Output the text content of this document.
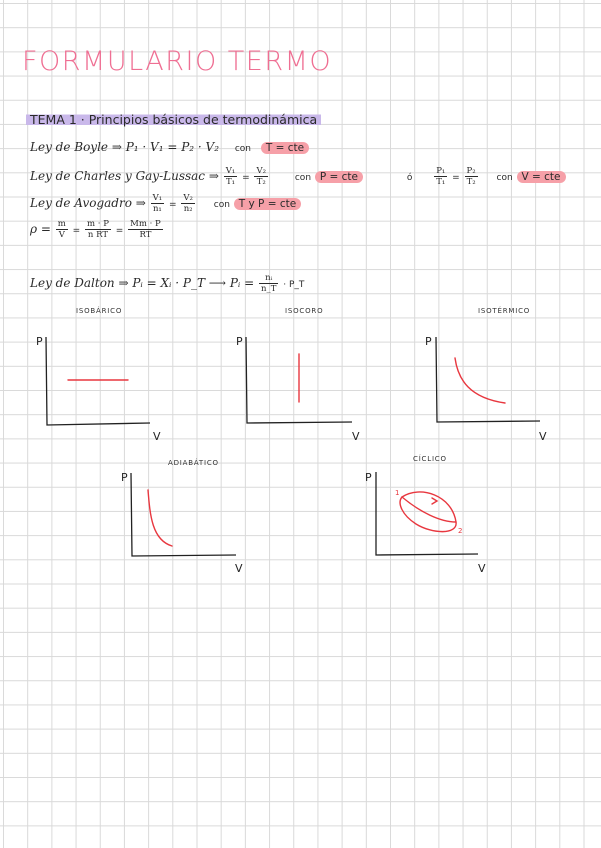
FORMULARIO TERMO
TEMA 1 · Principios básicos de termodinámica
Ley de Boyle ⇒ P₁ · V₁ = P₂ · V₂ con T = cte
Ley de Charles y Gay-Lussac ⇒ $\frac{\text{V₁}}{\text{T₁}} = \frac{\text{V₂}}{\text{T₂}}$	con P = cte	ó	$\frac{\text{P₁}}{\text{T₁}} = \frac{\text{P₂}}{\text{T₂}}$ con V = cte
Ley de Avogadro ⇒ $\frac{\text{V₁}}{\text{n₁}} = \frac{\text{V₂}}{\text{n₂}}$ con T y P = cte
$\rho = \frac{m}{V} = \frac{m \cdot P}{\text{n RT}} = \frac{Mm \cdot P}{RT}$
Ley de Dalton ⇒ Pᵢ = Xᵢ · P_T ⟶ Pᵢ = $\frac{\text{nᵢ}}{n\_T}$ · P_T
ISOBÁRICO	ISOCORO	ISOTÉRMICO
ADIABÁTICO	CÍCLICO
P
V
P
V
P
V
P
V
P
V
1
2
